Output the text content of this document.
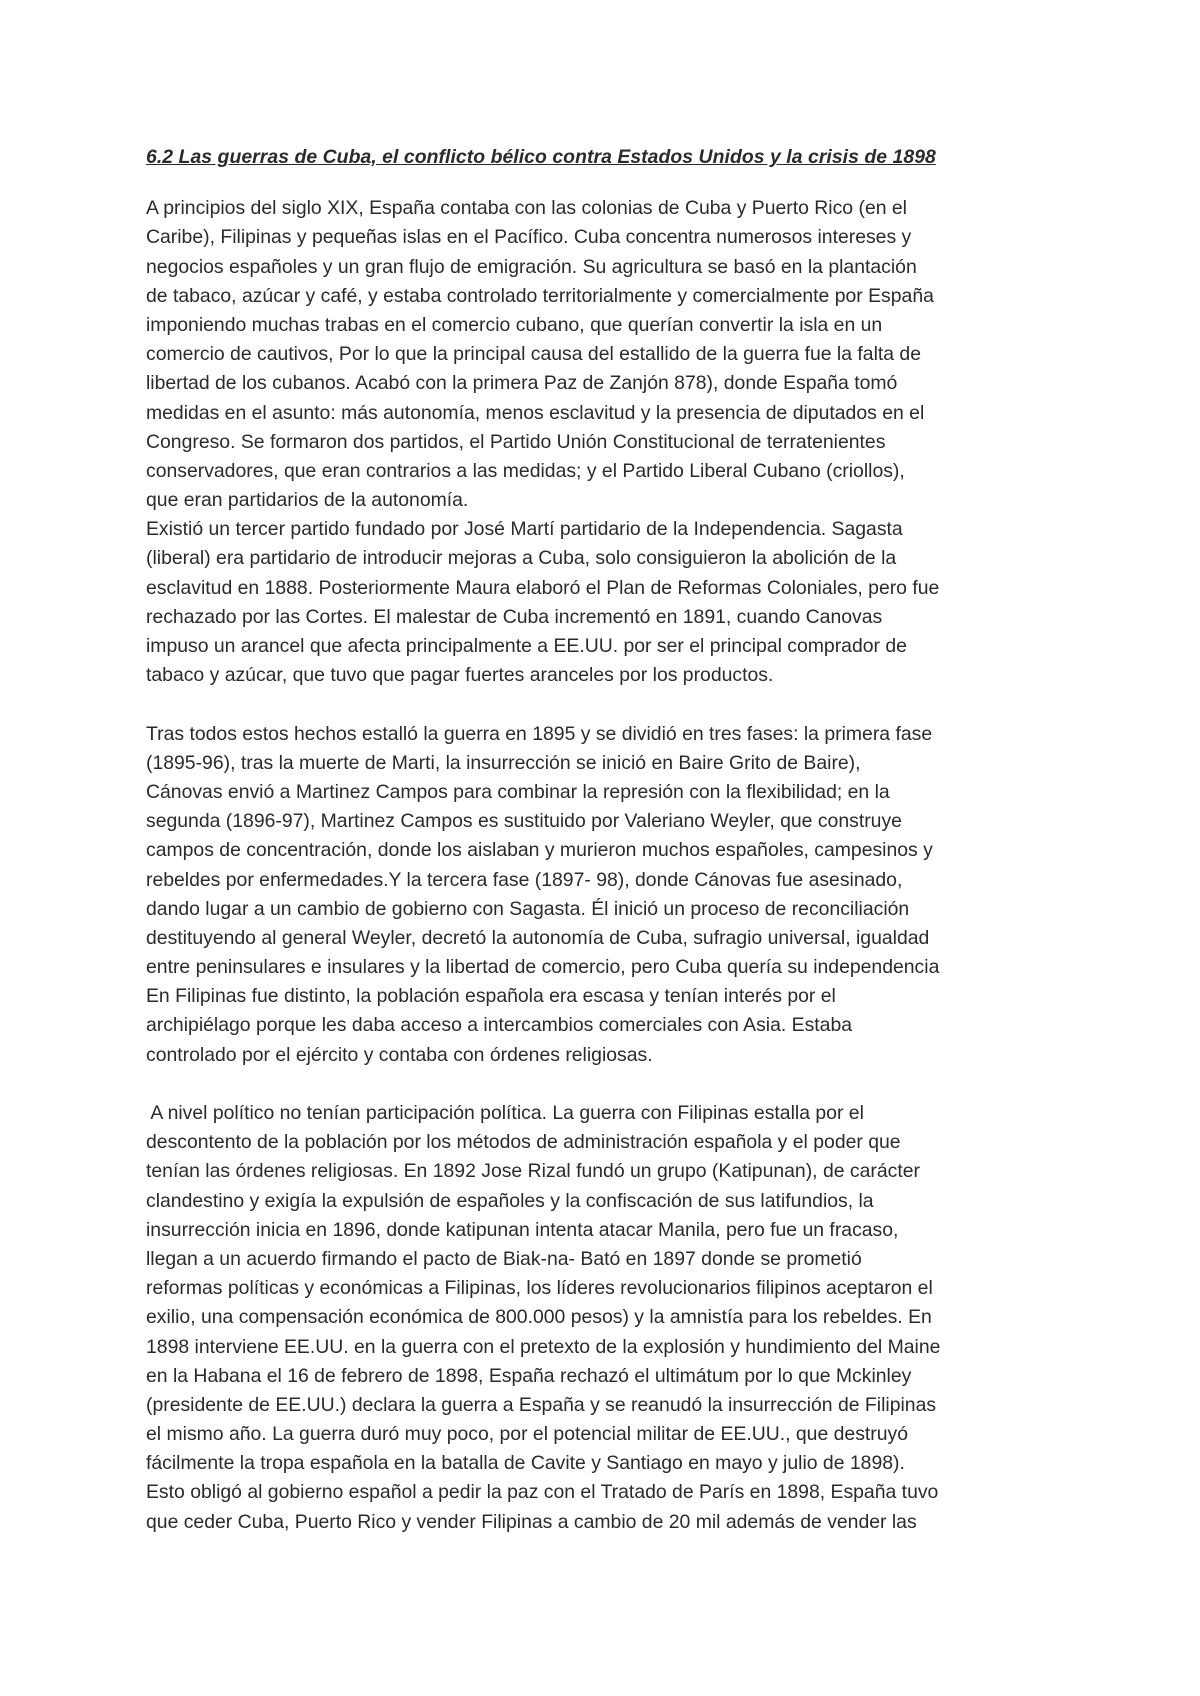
6.2 Las guerras de Cuba, el conflicto bélico contra Estados Unidos y la crisis de 1898
A principios del siglo XIX, España contaba con las colonias de Cuba y Puerto Rico (en el
Caribe), Filipinas y pequeñas islas en el Pacífico. Cuba concentra numerosos intereses y
negocios españoles y un gran flujo de emigración. Su agricultura se basó en la plantación
de tabaco, azúcar y café, y estaba controlado territorialmente y comercialmente por España
imponiendo muchas trabas en el comercio cubano, que querían convertir la isla en un
comercio de cautivos, Por lo que la principal causa del estallido de la guerra fue la falta de
libertad de los cubanos. Acabó con la primera Paz de Zanjón 878), donde España tomó
medidas en el asunto: más autonomía, menos esclavitud y la presencia de diputados en el
Congreso. Se formaron dos partidos, el Partido Unión Constitucional de terratenientes
conservadores, que eran contrarios a las medidas; y el Partido Liberal Cubano (criollos),
que eran partidarios de la autonomía.
Existió un tercer partido fundado por José Martí partidario de la Independencia. Sagasta
(liberal) era partidario de introducir mejoras a Cuba, solo consiguieron la abolición de la
esclavitud en 1888. Posteriormente Maura elaboró el Plan de Reformas Coloniales, pero fue
rechazado por las Cortes. El malestar de Cuba incrementó en 1891, cuando Canovas
impuso un arancel que afecta principalmente a EE.UU. por ser el principal comprador de
tabaco y azúcar, que tuvo que pagar fuertes aranceles por los productos.
Tras todos estos hechos estalló la guerra en 1895 y se dividió en tres fases: la primera fase
(1895-96), tras la muerte de Marti, la insurrección se inició en Baire Grito de Baire),
Cánovas envió a Martinez Campos para combinar la represión con la flexibilidad; en la
segunda (1896-97), Martinez Campos es sustituido por Valeriano Weyler, que construye
campos de concentración, donde los aislaban y murieron muchos españoles, campesinos y
rebeldes por enfermedades.Y la tercera fase (1897- 98), donde Cánovas fue asesinado,
dando lugar a un cambio de gobierno con Sagasta. Él inició un proceso de reconciliación
destituyendo al general Weyler, decretó la autonomía de Cuba, sufragio universal, igualdad
entre peninsulares e insulares y la libertad de comercio, pero Cuba quería su independencia
En Filipinas fue distinto, la población española era escasa y tenían interés por el
archipiélago porque les daba acceso a intercambios comerciales con Asia. Estaba
controlado por el ejército y contaba con órdenes religiosas.
A nivel político no tenían participación política. La guerra con Filipinas estalla por el
descontento de la población por los métodos de administración española y el poder que
tenían las órdenes religiosas. En 1892 Jose Rizal fundó un grupo (Katipunan), de carácter
clandestino y exigía la expulsión de españoles y la confiscación de sus latifundios, la
insurrección inicia en 1896, donde katipunan intenta atacar Manila, pero fue un fracaso,
llegan a un acuerdo firmando el pacto de Biak-na- Bató en 1897 donde se prometió
reformas políticas y económicas a Filipinas, los líderes revolucionarios filipinos aceptaron el
exilio, una compensación económica de 800.000 pesos) y la amnistía para los rebeldes. En
1898 interviene EE.UU. en la guerra con el pretexto de la explosión y hundimiento del Maine
en la Habana el 16 de febrero de 1898, España rechazó el ultimátum por lo que Mckinley
(presidente de EE.UU.) declara la guerra a España y se reanudó la insurrección de Filipinas
el mismo año. La guerra duró muy poco, por el potencial militar de EE.UU., que destruyó
fácilmente la tropa española en la batalla de Cavite y Santiago en mayo y julio de 1898).
Esto obligó al gobierno español a pedir la paz con el Tratado de París en 1898, España tuvo
que ceder Cuba, Puerto Rico y vender Filipinas a cambio de 20 mil además de vender las
